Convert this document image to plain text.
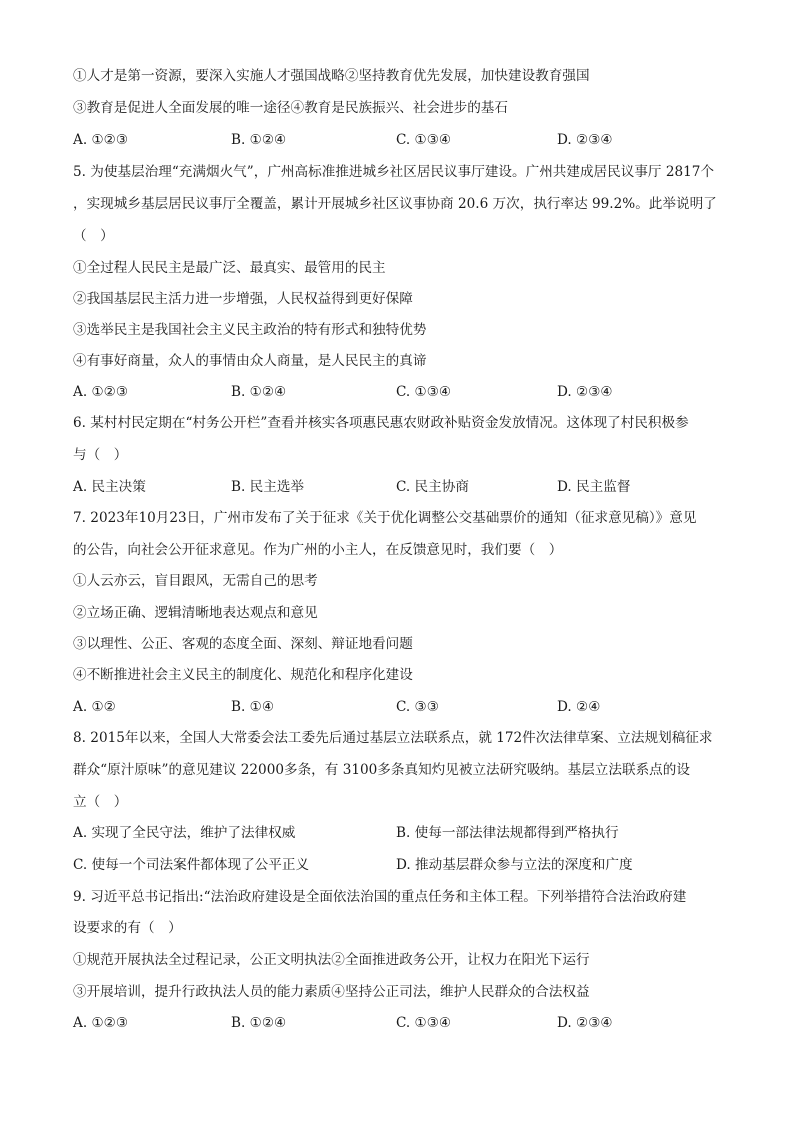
①人才是第一资源，要深入实施人才强国战略②坚持教育优先发展，加快建设教育强国
③教育是促进人全面发展的唯一途径④教育是民族振兴、社会进步的基石
A. ①②③	B. ①②④	C. ①③④	D. ②③④
5. 为使基层治理“充满烟火气”，广州高标准推进城乡社区居民议事厅建设。广州共建成居民议事厅 2817个
，实现城乡基层居民议事厅全覆盖，累计开展城乡社区议事协商 20.6 万次，执行率达 99.2%。此举说明了
（　）
①全过程人民民主是最广泛、最真实、最管用的民主
②我国基层民主活力进一步增强，人民权益得到更好保障
③选举民主是我国社会主义民主政治的特有形式和独特优势
④有事好商量，众人的事情由众人商量，是人民民主的真谛
A. ①②③	B. ①②④	C. ①③④	D. ②③④
6. 某村村民定期在“村务公开栏”查看并核实各项惠民惠农财政补贴资金发放情况。这体现了村民积极参
与（　）
A. 民主决策	B. 民主选举	C. 民主协商	D. 民主监督
7. 2023年10月23日，广州市发布了关于征求《关于优化调整公交基础票价的通知（征求意见稿）》意见
的公告，向社会公开征求意见。作为广州的小主人，在反馈意见时，我们要（　）
①人云亦云，盲目跟风，无需自己的思考
②立场正确、逻辑清晰地表达观点和意见
③以理性、公正、客观的态度全面、深刻、辩证地看问题
④不断推进社会主义民主的制度化、规范化和程序化建设
A. ①②	B. ①④	C. ③③	D. ②④
8. 2015年以来，全国人大常委会法工委先后通过基层立法联系点，就 172件次法律草案、立法规划稿征求
群众“原汁原味”的意见建议 22000多条，有 3100多条真知灼见被立法研究吸纳。基层立法联系点的设
立（　）
A. 实现了全民守法，维护了法律权威	B. 使每一部法律法规都得到严格执行
C. 使每一个司法案件都体现了公平正义	D. 推动基层群众参与立法的深度和广度
9. 习近平总书记指出:“法治政府建设是全面依法治国的重点任务和主体工程。下列举措符合法治政府建
设要求的有（　）
①规范开展执法全过程记录，公正文明执法②全面推进政务公开，让权力在阳光下运行
③开展培训，提升行政执法人员的能力素质④坚持公正司法，维护人民群众的合法权益
A. ①②③	B. ①②④	C. ①③④	D. ②③④
